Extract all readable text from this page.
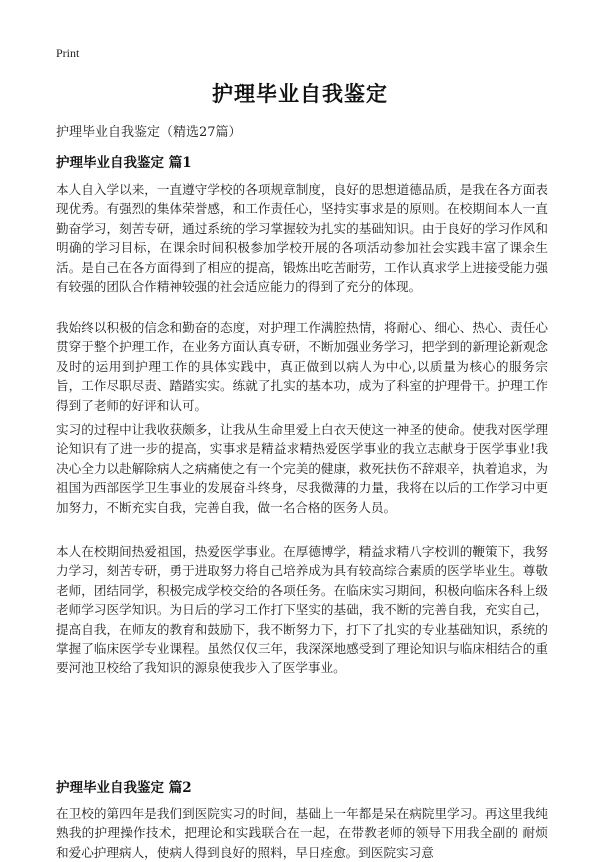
Print
护理毕业自我鉴定
护理毕业自我鉴定（精选27篇）
护理毕业自我鉴定 篇1

本人自入学以来，一直遵守学校的各项规章制度，良好的思想道德品质，是我在各方面表现优秀。有强烈的集体荣誉感，和工作责任心，坚持实事求是的原则。在校期间本人一直勤奋学习，刻苦专研，通过系统的学习掌握较为扎实的基础知识。由于良好的学习作风和明确的学习目标，在课余时间积极参加学校开展的各项活动参加社会实践丰富了课余生活。是自己在各方面得到了相应的提高，锻炼出吃苦耐劳，工作认真求学上进接受能力强有较强的团队合作精神较强的社会适应能力的得到了充分的体现。

我始终以积极的信念和勤奋的态度，对护理工作满腔热情，将耐心、细心、热心、责任心贯穿于整个护理工作，在业务方面认真专研，不断加强业务学习，把学到的新理论新观念及时的运用到护理工作的具体实践中，真正做到以病人为中心,以质量为核心的服务宗旨，工作尽职尽责、踏踏实实。练就了扎实的基本功，成为了科室的护理骨干。护理工作得到了老师的好评和认可。

实习的过程中让我收获颇多，让我从生命里爱上白衣天使这一神圣的使命。使我对医学理论知识有了进一步的提高，实事求是精益求精热爱医学事业的我立志献身于医学事业!我决心全力以赴解除病人之病痛使之有一个完美的健康，救死扶伤不辞艰辛，执着追求，为祖国为西部医学卫生事业的发展奋斗终身，尽我微薄的力量，我将在以后的工作学习中更加努力，不断充实自我，完善自我，做一名合格的医务人员。

本人在校期间热爱祖国，热爱医学事业。在厚德博学，精益求精八字校训的鞭策下，我努力学习，刻苦专研，勇于进取努力将自己培养成为具有较高综合素质的医学毕业生。尊敬老师，团结同学，积极完成学校交给的各项任务。在临床实习期间，积极向临床各科上级老师学习医学知识。为日后的学习工作打下坚实的基础，我不断的完善自我，充实自己，提高自我，在师友的教育和鼓励下，我不断努力下，打下了扎实的专业基础知识，系统的掌握了临床医学专业课程。虽然仅仅三年，我深深地感受到了理论知识与临床相结合的重要河池卫校给了我知识的源泉使我步入了医学事业。

护理毕业自我鉴定 篇2

在卫校的第四年是我们到医院实习的时间，基础上一年都是呆在病院里学习。再这里我纯熟我的护理操作技术，把理论和实践联合在一起，在带教老师的领导下用我全副的 耐烦和爱心护理病人，使病人得到良好的照料，早日痊愈。到医院实习意
